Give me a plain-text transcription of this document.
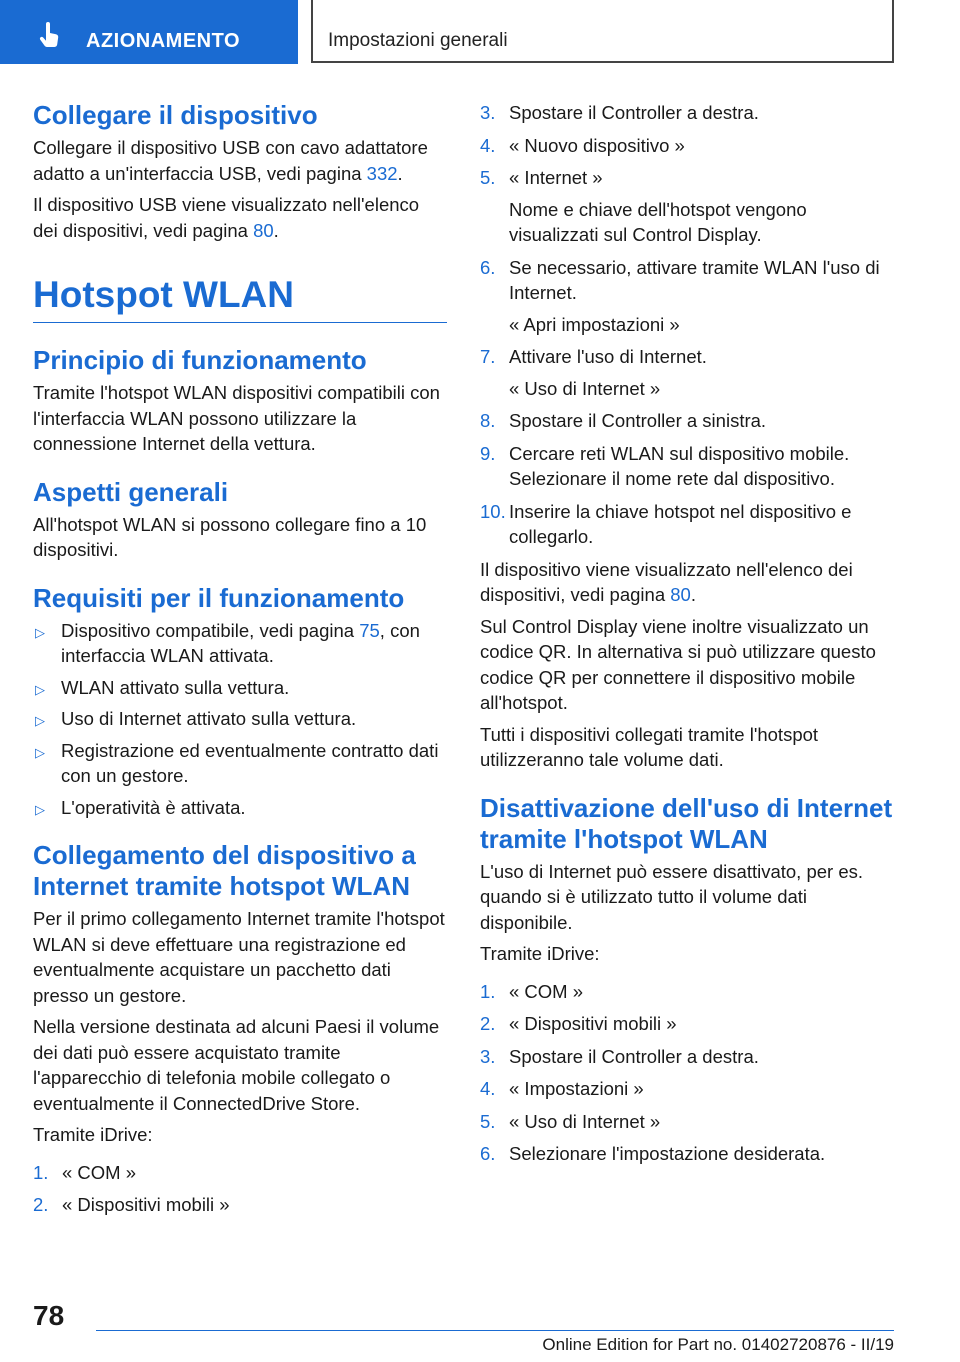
AZIONAMENTO	Impostazioni generali
Collegare il dispositivo

Collegare il dispositivo USB con cavo adattatore adatto a un'interfaccia USB, vedi pagina 332.

Il dispositivo USB viene visualizzato nell'elenco dei dispositivi, vedi pagina 80.

Hotspot WLAN
Principio di funzionamento

Tramite l'hotspot WLAN dispositivi compatibili con l'interfaccia WLAN possono utilizzare la connessione Internet della vettura.

Aspetti generali

All'hotspot WLAN si possono collegare fino a 10 dispositivi.

Requisiti per il funzionamento
▷ Dispositivo compatibile, vedi pagina 75, con interfaccia WLAN attivata.
▷ WLAN attivato sulla vettura.
▷ Uso di Internet attivato sulla vettura.
▷ Registrazione ed eventualmente contratto dati con un gestore.
▷ L'operatività è attivata.
Collegamento del dispositivo a Internet tramite hotspot WLAN

Per il primo collegamento Internet tramite l'hotspot WLAN si deve effettuare una registrazione ed eventualmente acquistare un pacchetto dati presso un gestore.

Nella versione destinata ad alcuni Paesi il volume dei dati può essere acquistato tramite l'apparecchio di telefonia mobile collegato o eventualmente il ConnectedDrive Store.

Tramite iDrive:

1. « COM »
2. « Dispositivi mobili »
3. Spostare il Controller a destra.
4. « Nuovo dispositivo »
5. « Internet »
Nome e chiave dell'hotspot vengono visualizzati sul Control Display.
6. Se necessario, attivare tramite WLAN l'uso di Internet.
« Apri impostazioni »
7. Attivare l'uso di Internet.
« Uso di Internet »
8. Spostare il Controller a sinistra.
9. Cercare reti WLAN sul dispositivo mobile. Selezionare il nome rete dal dispositivo.
10. Inserire la chiave hotspot nel dispositivo e collegarlo.

Il dispositivo viene visualizzato nell'elenco dei dispositivi, vedi pagina 80.

Sul Control Display viene inoltre visualizzato un codice QR. In alternativa si può utilizzare questo codice QR per connettere il dispositivo mobile all'hotspot.

Tutti i dispositivi collegati tramite l'hotspot utilizzeranno tale volume dati.

Disattivazione dell'uso di Internet tramite l'hotspot WLAN

L'uso di Internet può essere disattivato, per es. quando si è utilizzato tutto il volume dati disponibile.

Tramite iDrive:

1. « COM »
2. « Dispositivi mobili »
3. Spostare il Controller a destra.
4. « Impostazioni »
5. « Uso di Internet »
6. Selezionare l'impostazione desiderata.
78
Online Edition for Part no. 01402720876 - II/19
